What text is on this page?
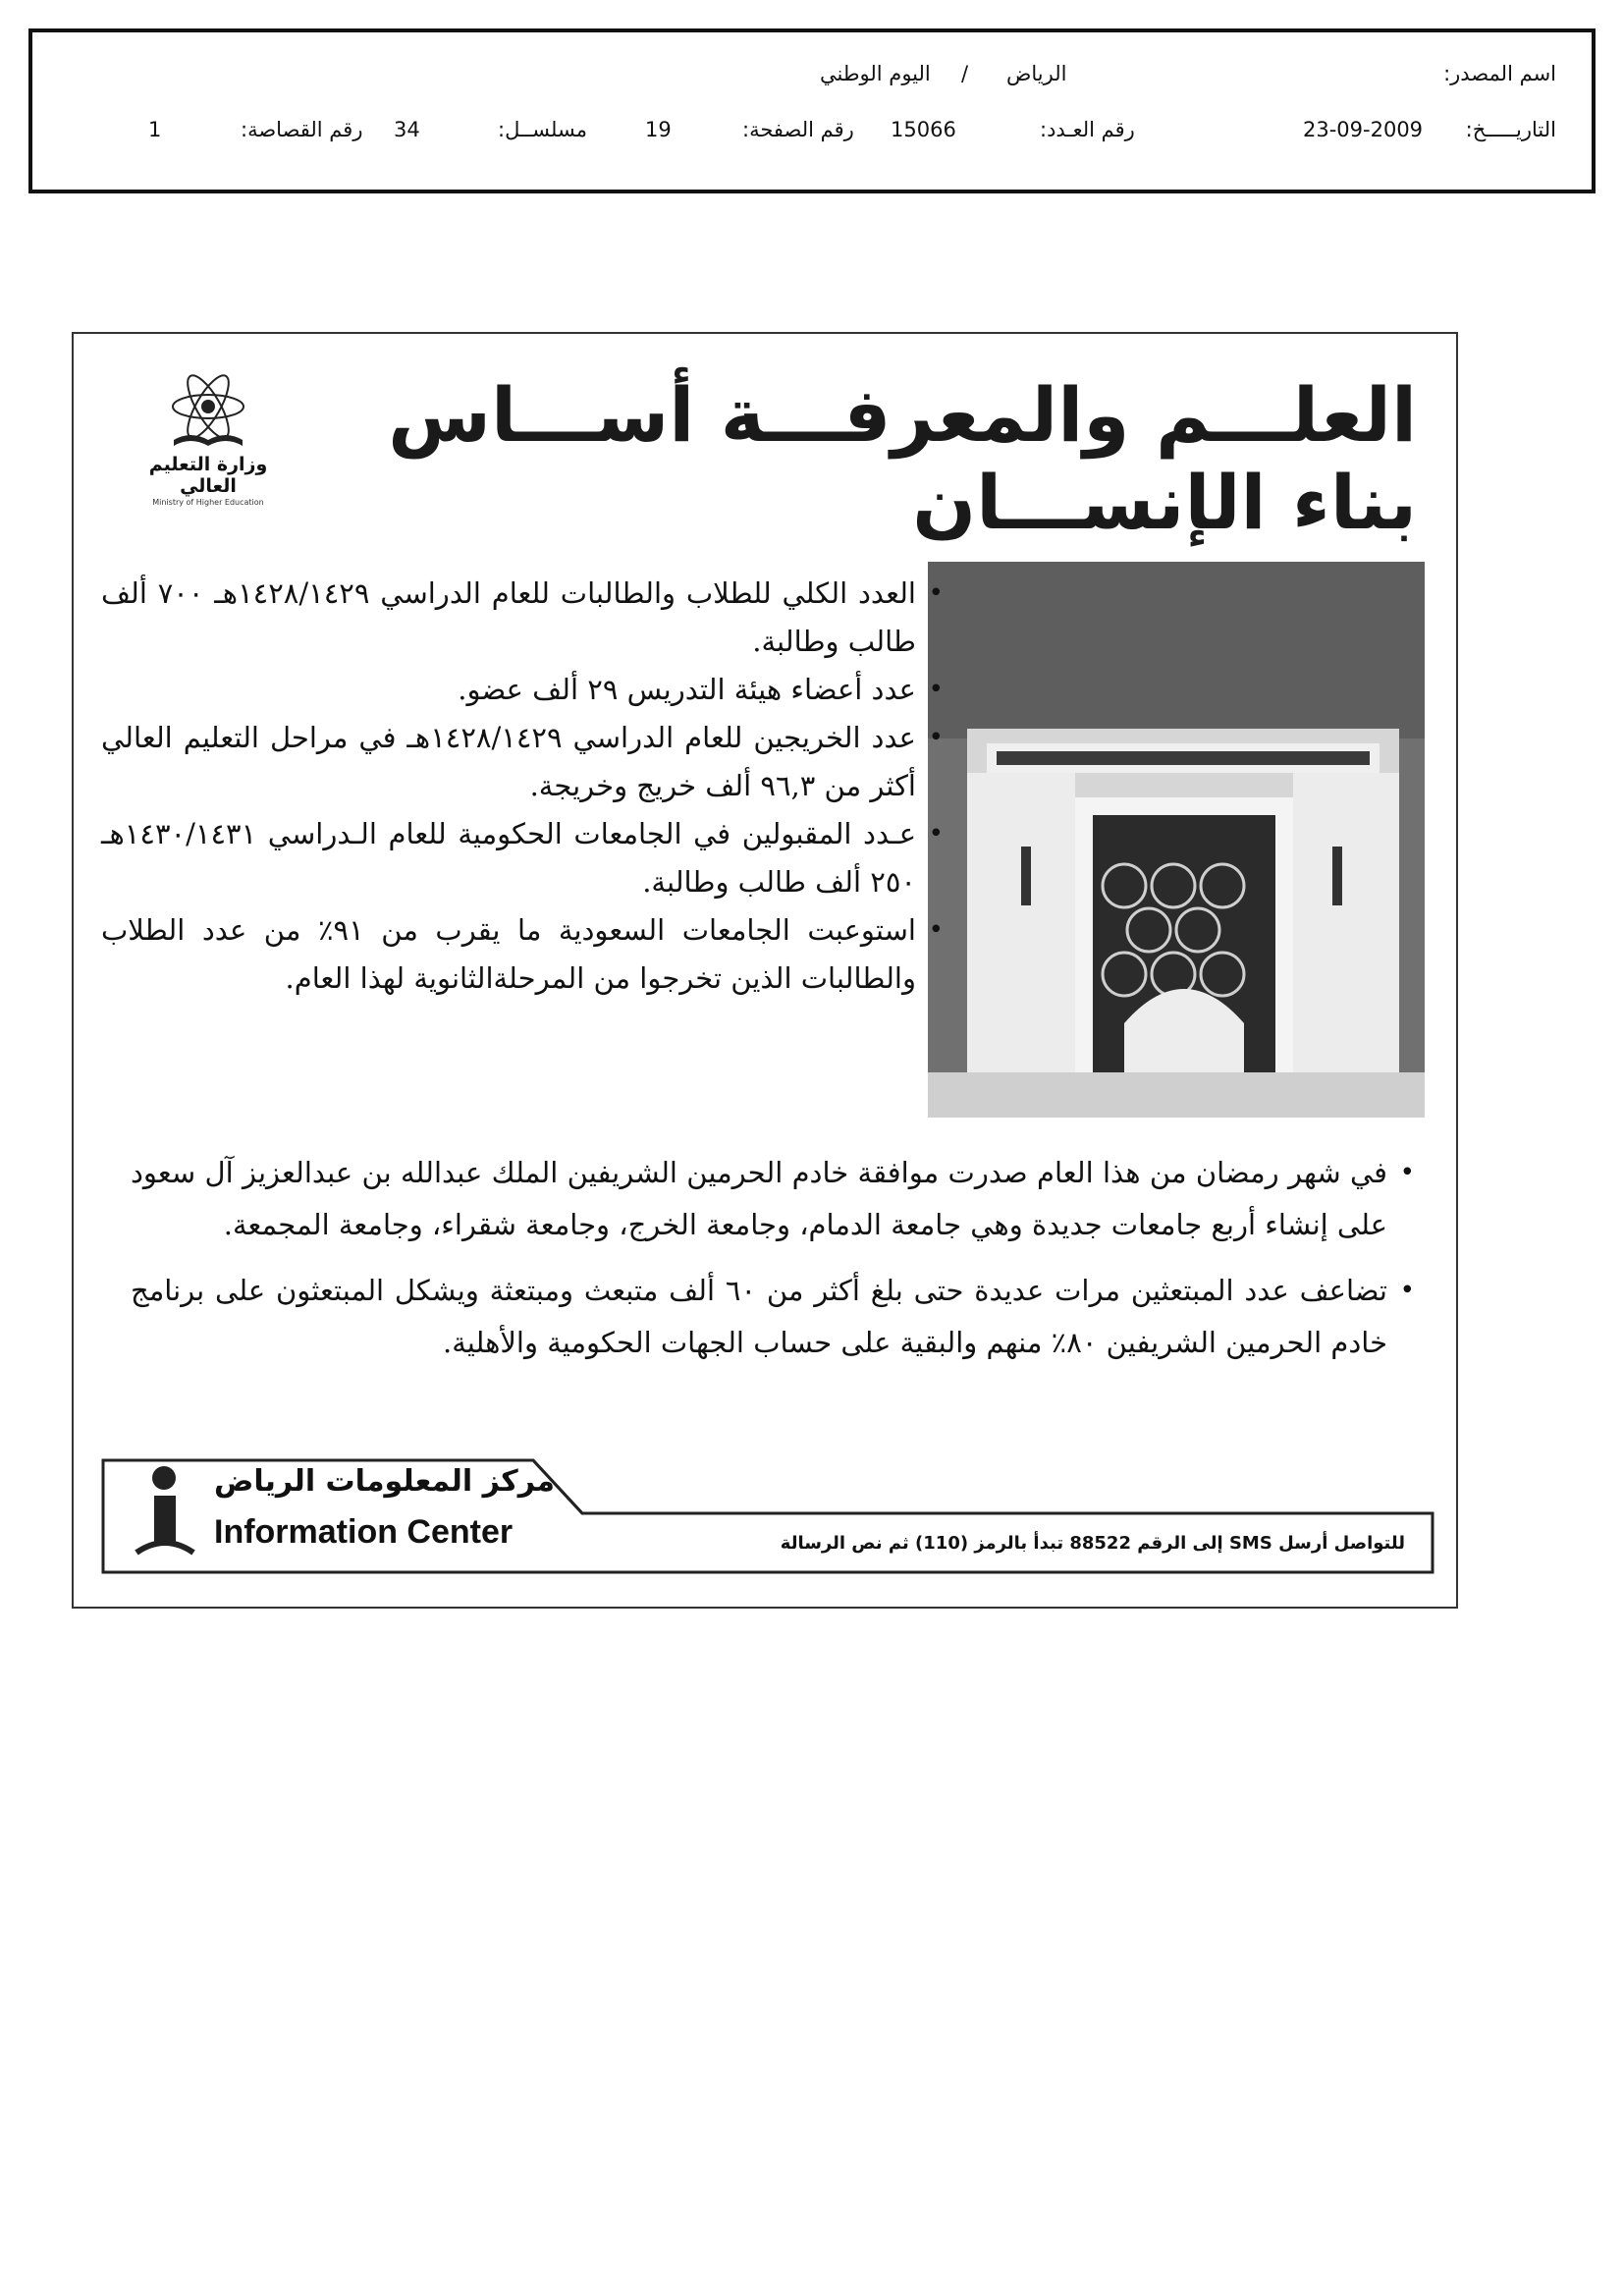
اسم المصدر:
الرياض
/
اليوم الوطني
التاريـــــخ:
23-09-2009
رقم العـدد:
15066
رقم الصفحة:
19
مسلســل:
34
رقم القصاصة:
1
وزارة التعليم العالي
Ministry of Higher Education
العلـــم والمعرفـــة أســـاس بناء الإنســـان
• العدد الكلي للطلاب والطالبات للعام الدراسي ١٤٢٨/١٤٢٩هـ ٧٠٠ ألف طالب وطالبة.
• عدد أعضاء هيئة التدريس ٢٩ ألف عضو.
• عدد الخريجين للعام الدراسي ١٤٢٨/١٤٢٩هـ في مراحل التعليم العالي أكثر من ٩٦,٣ ألف خريج وخريجة.
• عـدد المقبولين في الجامعات الحكومية للعام الـدراسي ١٤٣٠/١٤٣١هـ ٢٥٠ ألف طالب وطالبة.
• استوعبت الجامعات السعودية ما يقرب من ٩١٪ من عدد الطلاب والطالبات الذين تخرجوا من المرحلةالثانوية لهذا العام.
• في شهر رمضان من هذا العام صدرت موافقة خادم الحرمين الشريفين الملك عبدالله بن عبدالعزيز آل سعود على إنشاء أربع جامعات جديدة وهي جامعة الدمام، وجامعة الخرج، وجامعة شقراء، وجامعة المجمعة.
• تضاعف عدد المبتعثين مرات عديدة حتى بلغ أكثر من ٦٠ ألف متبعث ومبتعثة ويشكل المبتعثون على برنامج خادم الحرمين الشريفين ٨٠٪ منهم والبقية على حساب الجهات الحكومية والأهلية.
مركز المعلومات الرياض
Information Center	للتواصل أرسل SMS إلى الرقم 88522 تبدأ بالرمز (110) ثم نص الرسالة
